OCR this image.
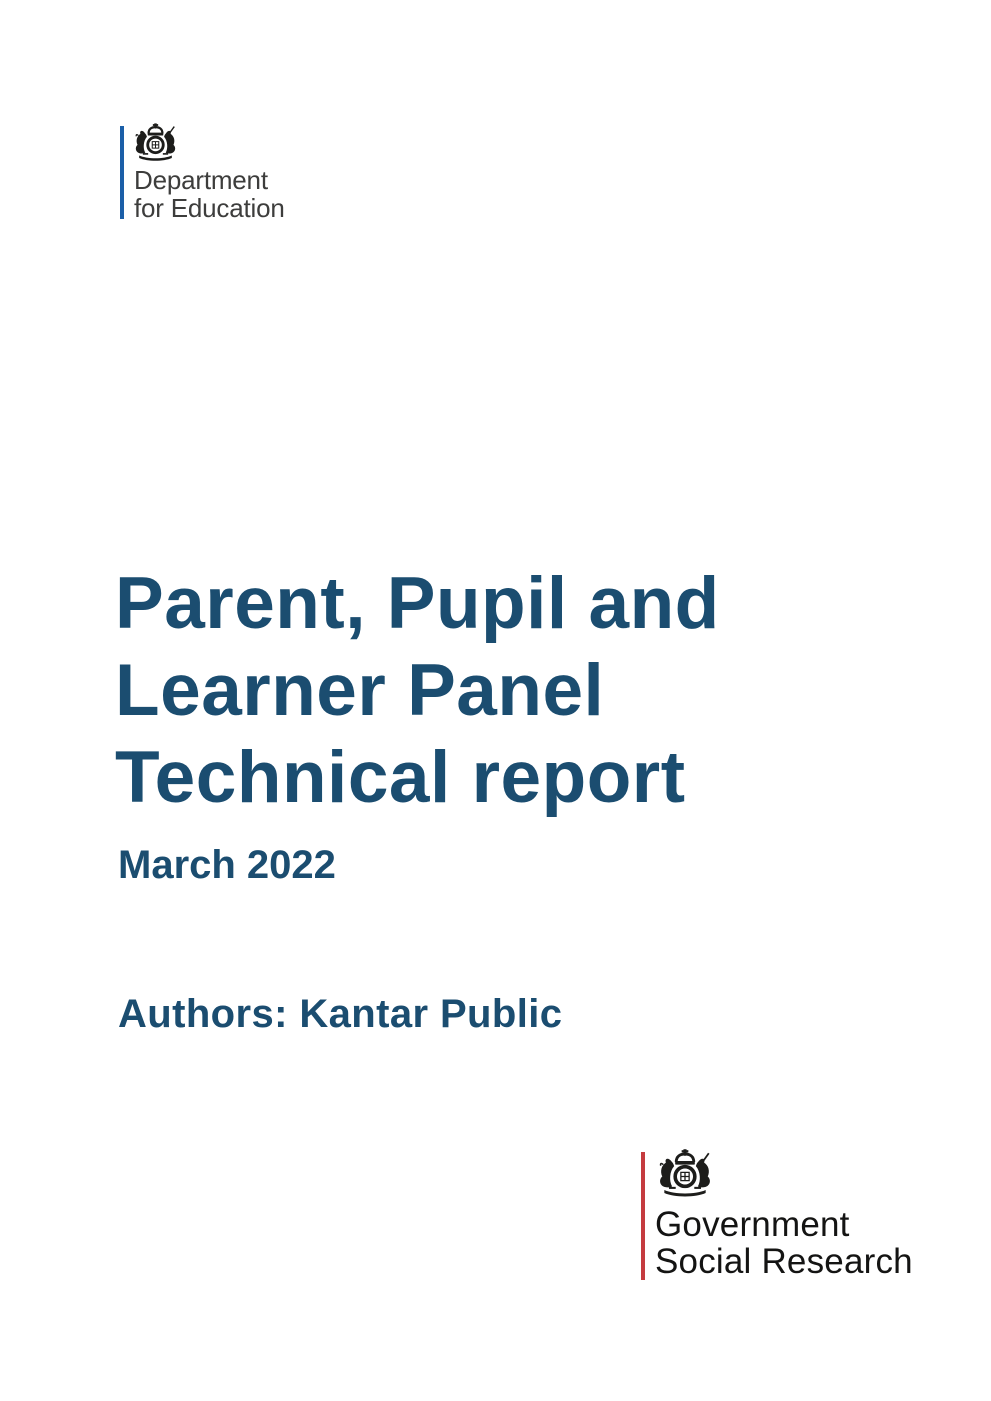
Department
for Education
Parent, Pupil and
Learner Panel
Technical report
March 2022
Authors: Kantar Public
Government
Social Research
